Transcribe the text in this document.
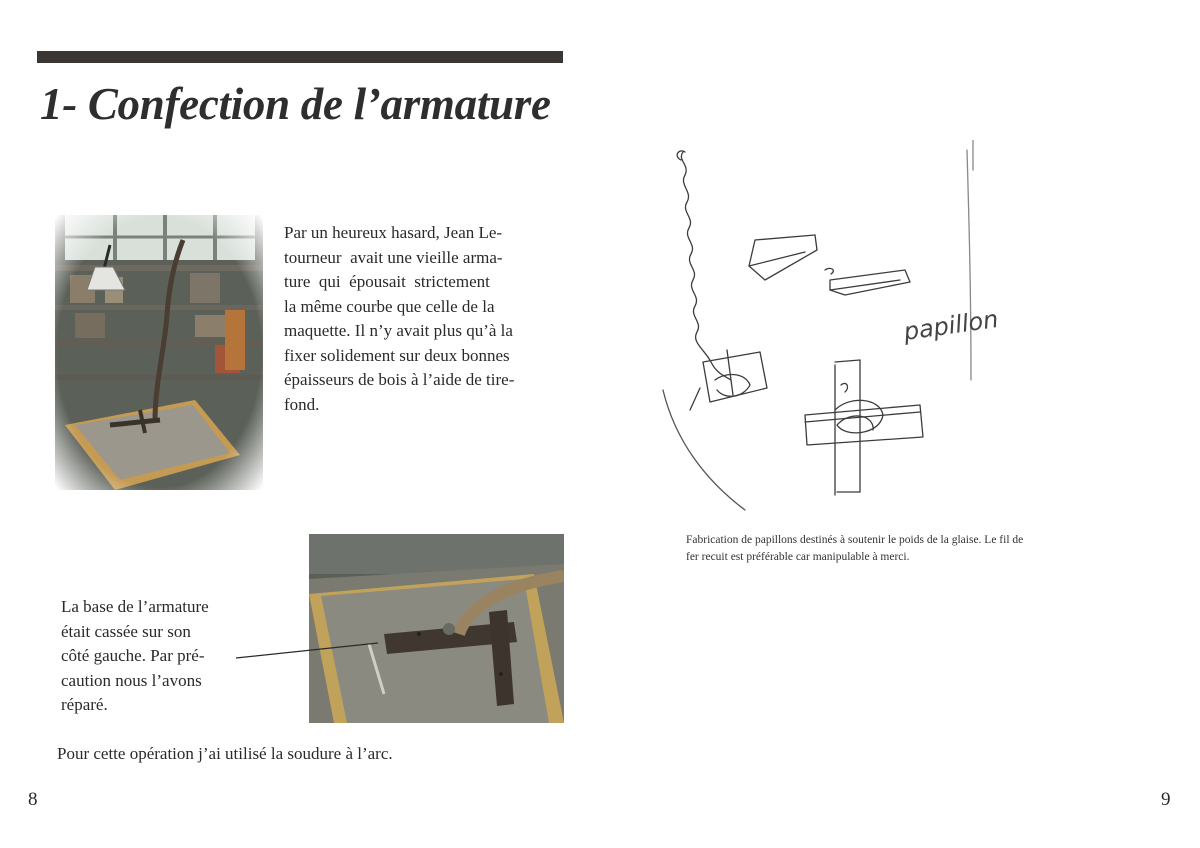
1- Confection de l’armature

Par un heureux hasard, Jean Le-
tourneur  avait une vieille arma-
ture  qui  épousait  strictement
la même courbe que celle de la
maquette. Il n’y avait plus qu’à la
fixer solidement sur deux bonnes
épaisseurs de bois à l’aide de tire-
fond.

papillon

Fabrication de papillons destinés à soutenir le poids de la glaise. Le fil de fer recuit est préférable car manipulable à merci.

La base de l’armature
était cassée sur son
côté gauche. Par pré-
caution nous l’avons
réparé.

Pour cette opération j’ai utilisé la soudure à l’arc.

8	9
